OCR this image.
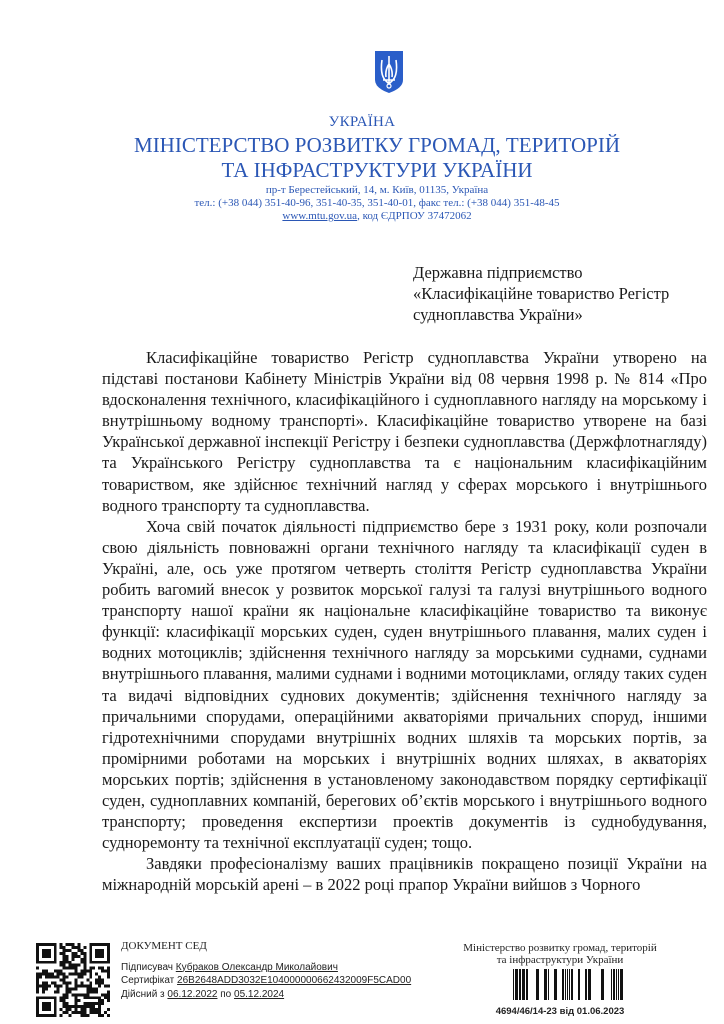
УКРАЇНА
МІНІСТЕРСТВО РОЗВИТКУ ГРОМАД, ТЕРИТОРІЙ
ТА ІНФРАСТРУКТУРИ УКРАЇНИ
пр-т Берестейський, 14, м. Київ, 01135, Україна
тел.: (+38 044) 351-40-96, 351-40-35, 351-40-01, факс тел.: (+38 044) 351-48-45
www.mtu.gov.ua, код ЄДРПОУ 37472062
Державна підприємство
«Класифікаційне товариство Регістр
судноплавства України»

Класифікаційне товариство Регістр судноплавства України утворено на підставі постанови Кабінету Міністрів України від 08 червня 1998 р. № 814 «Про вдосконалення технічного, класифікаційного і судноплавного нагляду на морському і внутрішньому водному транспорті». Класифікаційне товариство утворене на базі Української державної інспекції Регістру і безпеки судноплавства (Держфлотнагляду) та Українського Регістру судноплавства та є національним класифікаційним товариством, яке здійснює технічний нагляд у сферах морського і внутрішнього водного транспорту та судноплавства.

Хоча свій початок діяльності підприємство бере з 1931 року, коли розпочали свою діяльність повноважні органи технічного нагляду та класифікації суден в Україні, але, ось уже протягом четверть століття Регістр судноплавства України робить вагомий внесок у розвиток морської галузі та галузі внутрішнього водного транспорту нашої країни як національне класифікаційне товариство та виконує функції: класифікації морських суден, суден внутрішнього плавання, малих суден і водних мотоциклів; здійснення технічного нагляду за морськими суднами, суднами внутрішнього плавання, малими суднами і водними мотоциклами, огляду таких суден та видачі відповідних суднових документів; здійснення технічного нагляду за причальними спорудами, операційними акваторіями причальних споруд, іншими гідротехнічними спорудами внутрішніх водних шляхів та морських портів, за промірними роботами на морських і внутрішніх водних шляхах, в акваторіях морських портів; здійснення в установленому законодавством порядку сертифікації суден, судноплавних компаній, берегових об’єктів морського і внутрішнього водного транспорту; проведення експертизи проектів документів із суднобудування, судноремонту та технічної експлуатації суден; тощо.

Завдяки професіоналізму ваших працівників покращено позиції України на міжнародній морській арені – в 2022 році прапор України вийшов з Чорного

ДОКУМЕНТ СЕД
Підписувач Кубраков Олександр Миколайович
Сертифікат 26B2648ADD3032E10400000066243​2009F5CAD00
Дійсний з 06.12.2022 по 05.12.2024
Міністерство розвитку громад, територій
та інфраструктури України
4694/46/14-23 від 01.06.2023
